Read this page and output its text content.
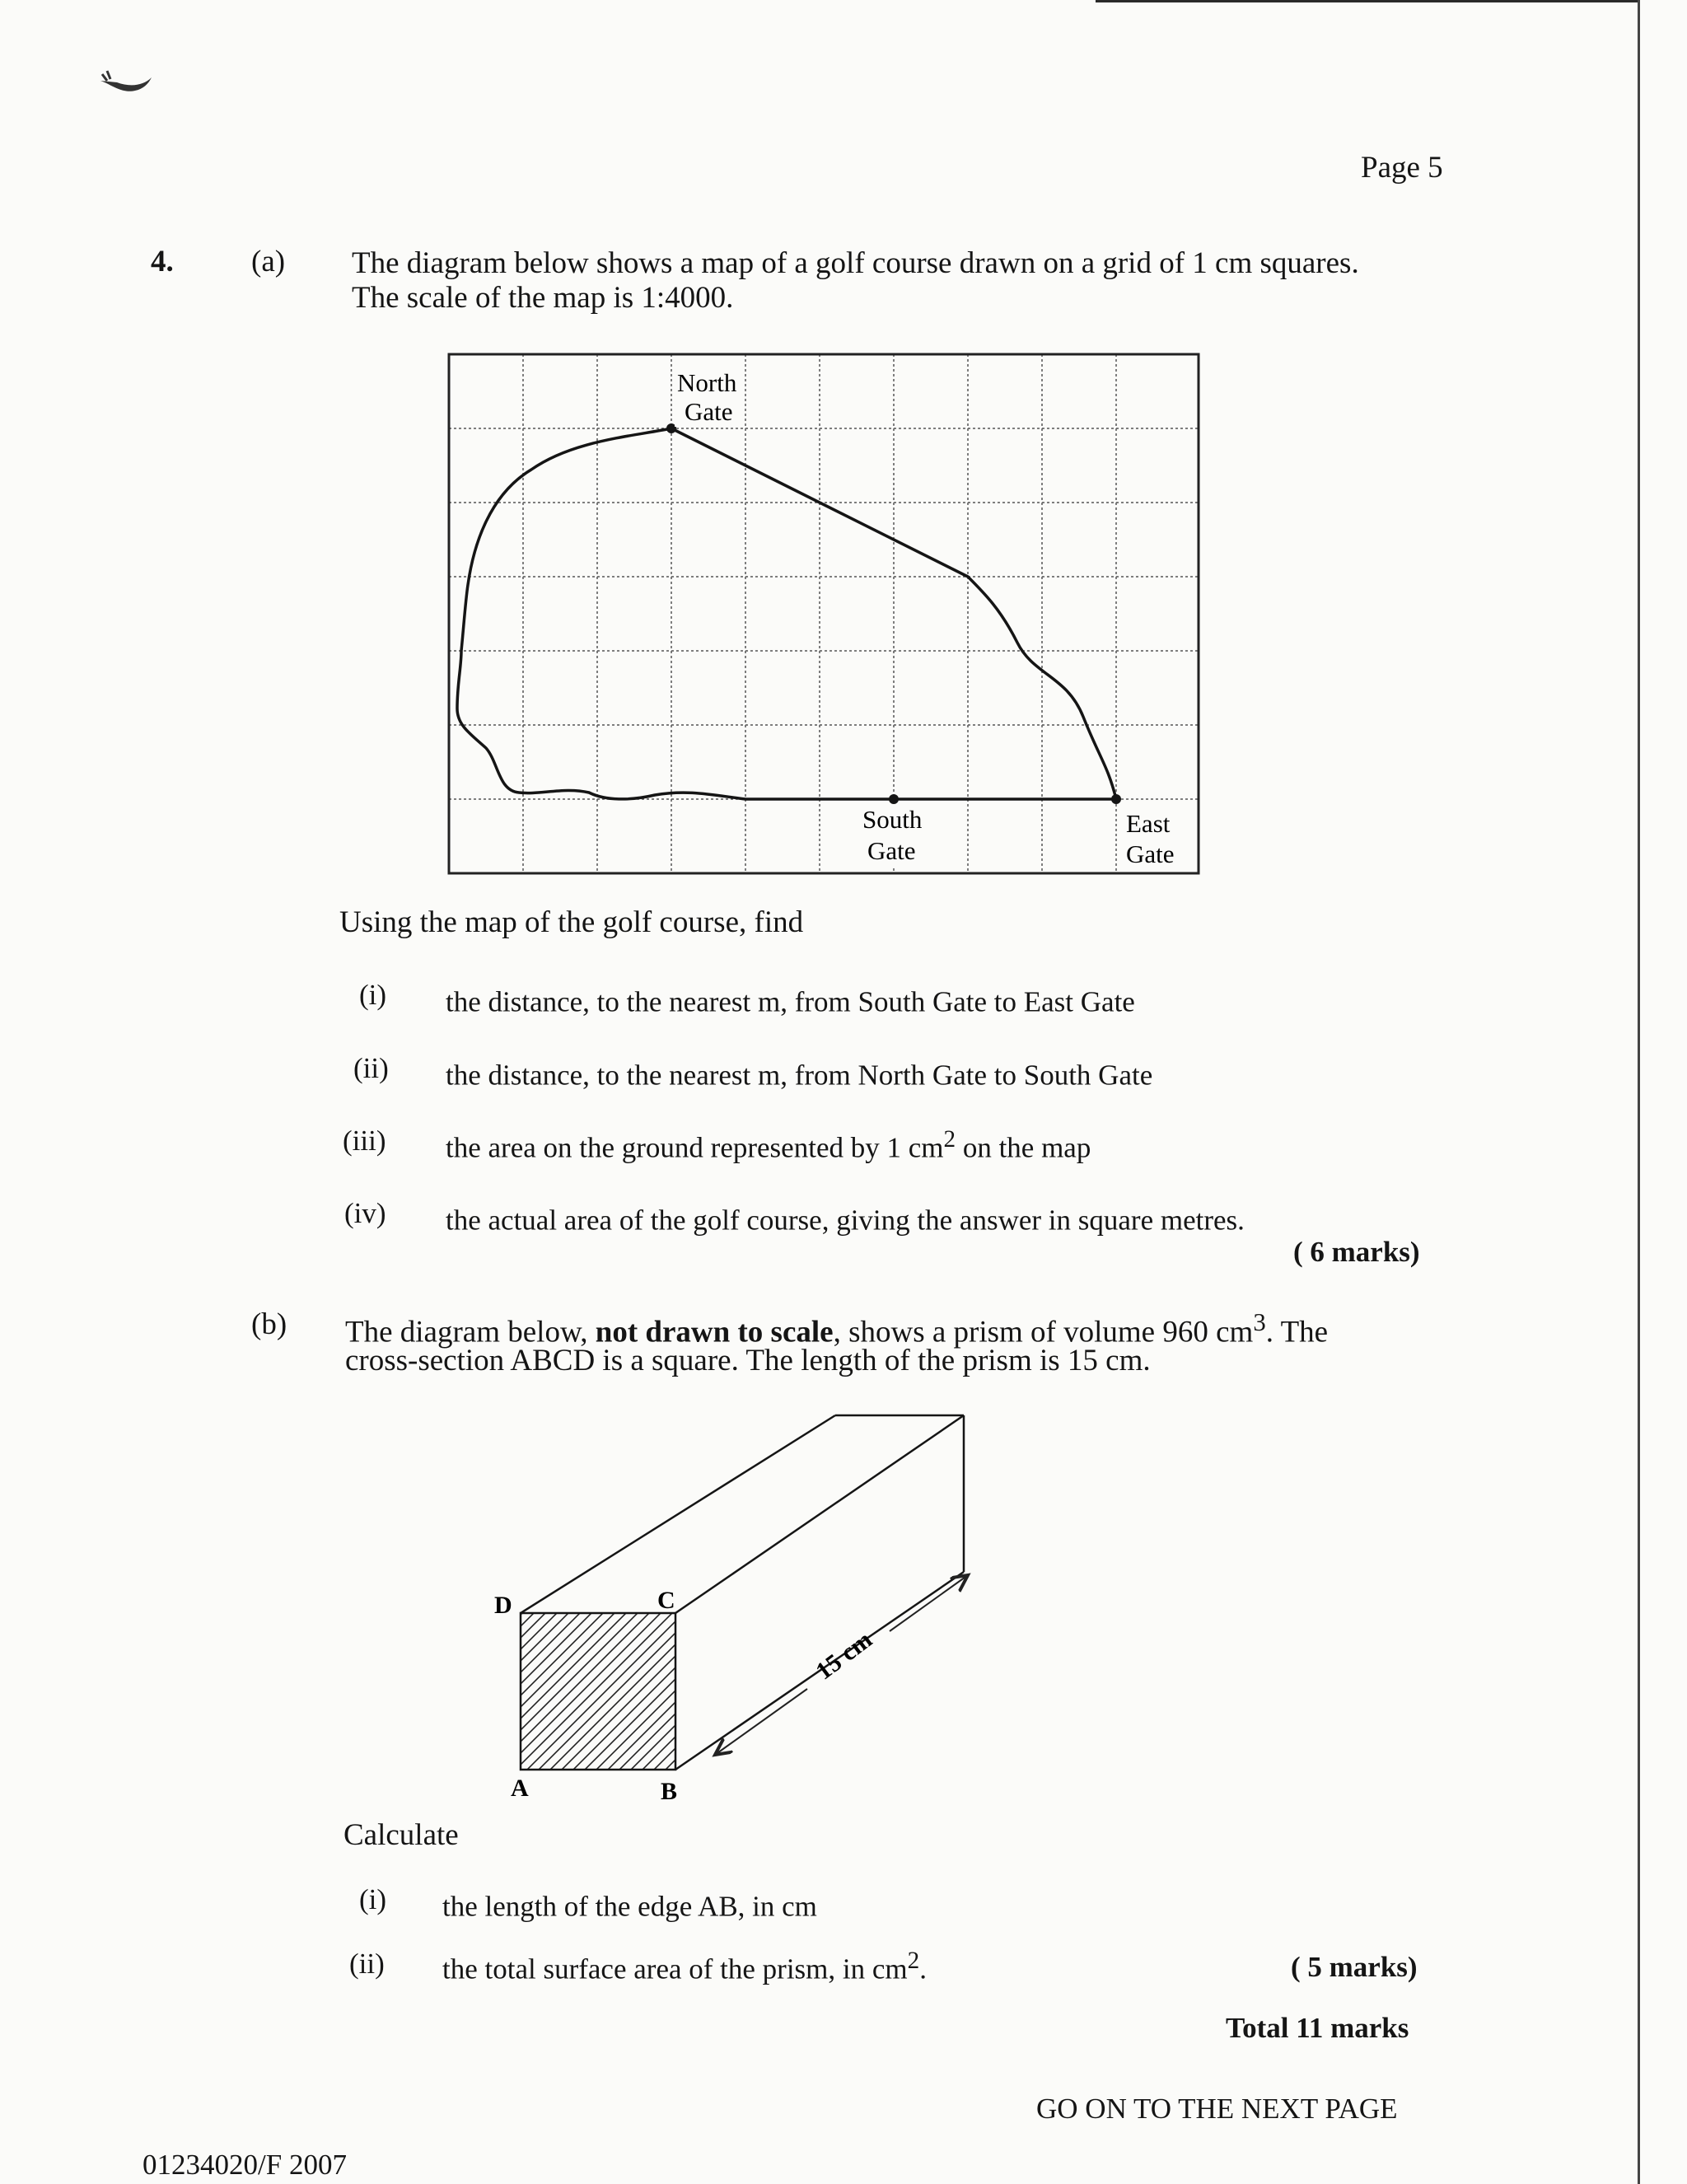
Page 5
4.	(a) The diagram below shows a map of a golf course drawn on a grid of 1 cm squares.
The scale of the map is 1:4000.
North
Gate
South
Gate
East
Gate
Using the map of the golf course, find
(i) the distance, to the nearest m, from South Gate to East Gate
(ii) the distance, to the nearest m, from North Gate to South Gate
(iii) the area on the ground represented by 1 $cm^2$ on the map
(iv) the actual area of the golf course, giving the answer in square metres.
( 6 marks)
(b) The diagram below, not drawn to scale, shows a prism of volume 960 $cm^3$. The
cross-section ABCD is a square. The length of the prism is 15 cm.
15 cm
D	C
A	B
Calculate
(i) the length of the edge AB, in cm
(ii) the total surface area of the prism, in $cm^2$.	( 5 marks)
Total 11 marks
GO ON TO THE NEXT PAGE
01234020/F 2007
